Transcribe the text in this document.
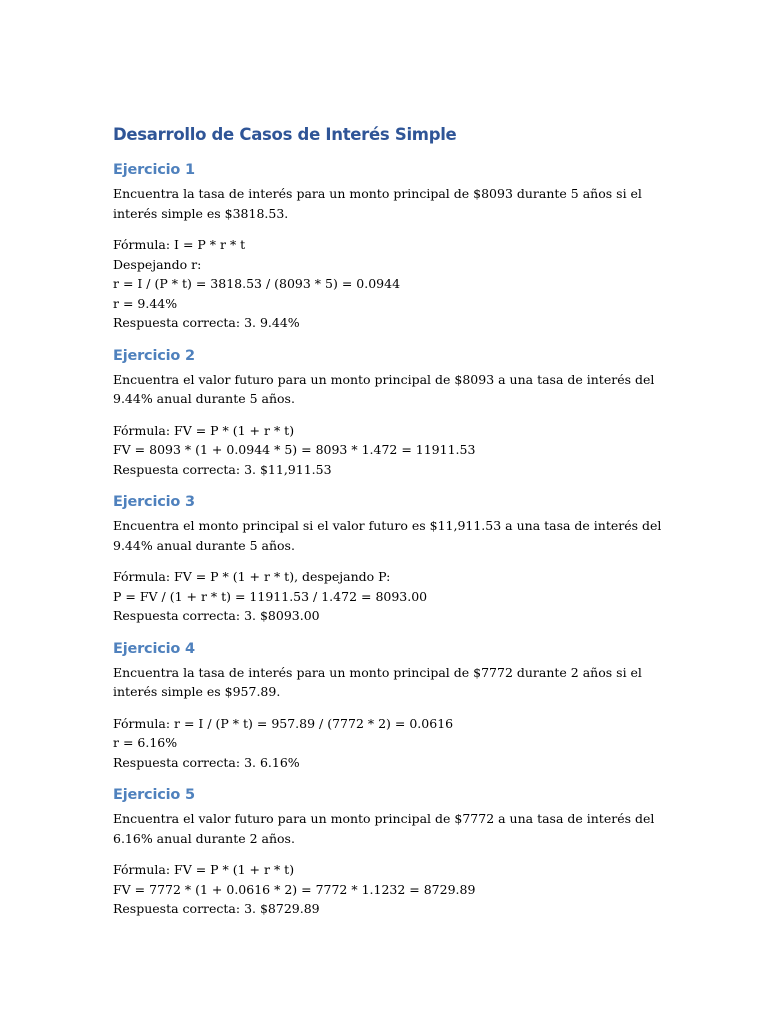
Desarrollo de Casos de Interés Simple
Ejercicio 1

Encuentra la tasa de interés para un monto principal de $8093 durante 5 años si el interés simple es $3818.53.

Fórmula: I = P * r * t
Despejando r:
r = I / (P * t) = 3818.53 / (8093 * 5) = 0.0944
r = 9.44%
Respuesta correcta: 3. 9.44%
Ejercicio 2

Encuentra el valor futuro para un monto principal de $8093 a una tasa de interés del 9.44% anual durante 5 años.

Fórmula: FV = P * (1 + r * t)
FV = 8093 * (1 + 0.0944 * 5) = 8093 * 1.472 = 11911.53
Respuesta correcta: 3. $11,911.53
Ejercicio 3

Encuentra el monto principal si el valor futuro es $11,911.53 a una tasa de interés del 9.44% anual durante 5 años.

Fórmula: FV = P * (1 + r * t), despejando P:
P = FV / (1 + r * t) = 11911.53 / 1.472 = 8093.00
Respuesta correcta: 3. $8093.00
Ejercicio 4

Encuentra la tasa de interés para un monto principal de $7772 durante 2 años si el interés simple es $957.89.

Fórmula: r = I / (P * t) = 957.89 / (7772 * 2) = 0.0616
r = 6.16%
Respuesta correcta: 3. 6.16%
Ejercicio 5

Encuentra el valor futuro para un monto principal de $7772 a una tasa de interés del 6.16% anual durante 2 años.

Fórmula: FV = P * (1 + r * t)
FV = 7772 * (1 + 0.0616 * 2) = 7772 * 1.1232 = 8729.89
Respuesta correcta: 3. $8729.89
